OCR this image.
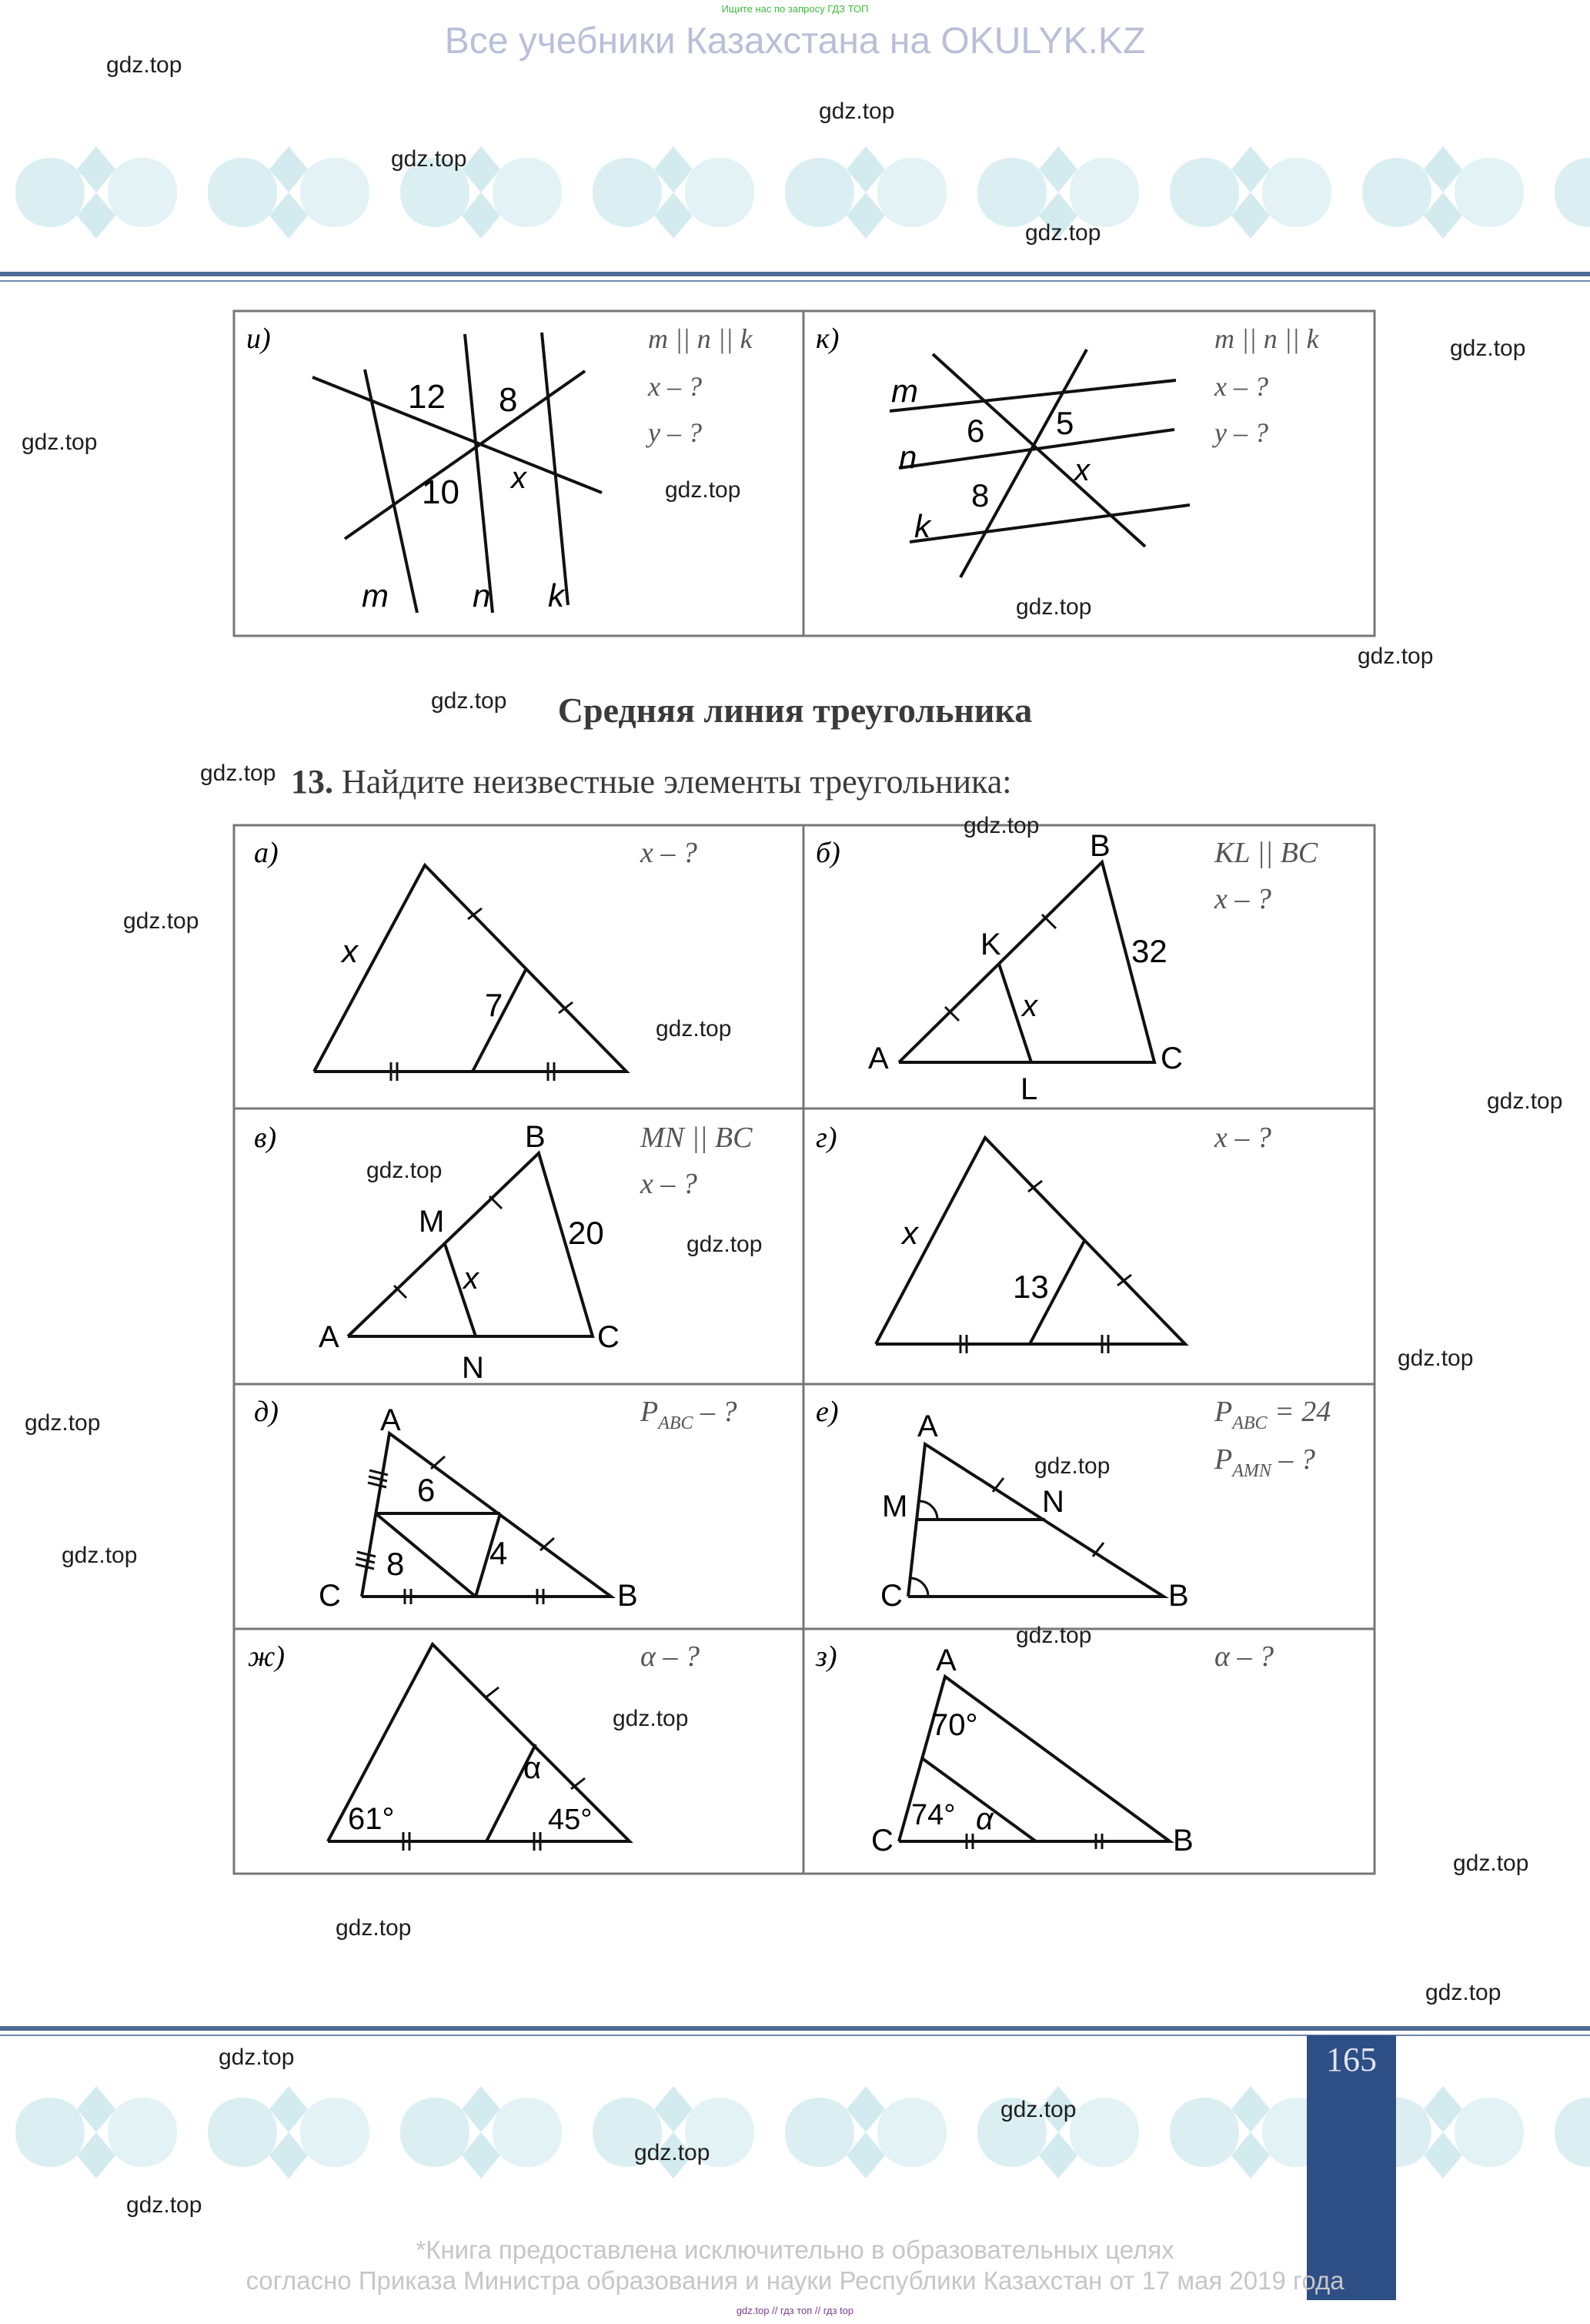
Ищите нас по запросу ГДЗ ТОП
Все учебники Казахстана на OKULYK.KZ
и)	m || n || k
x – ?
y – ?
12 8
10 x
m	n k
к)	m || n || k
x – ?
y – ?
m
n
k
6 5
8
x
Средняя линия треугольника
13. Найдите неизвестные элементы треугольника:
а)	x – ?
x
7
б)	KL || BC
x – ?
B
K	32
x
A	C
L
в)	MN || BC
x – ?
B
M	20
x
A	C
N
г)	x – ?
x
13
д)	$P_{ABC}$ – ?
A
6
8	4
C	B
е)	$P_{ABC} = 24$
$P_{AMN}$ – ?
A
M	N
C	B
ж)	α – ?
61°	45°
α
з)	α – ?
A
70°
74° α
C	B
165
*Книга предоставлена исключительно в образовательных целях
согласно Приказа Министра образования и науки Республики Казахстан от 17 мая 2019 года
gdz.top // гдз топ // гдз top
gdz.top
gdz.top
gdz.top
gdz.top
gdz.top
gdz.top
gdz.top
gdz.top
gdz.top
gdz.top
gdz.top
gdz.top
gdz.top
gdz.top
gdz.top
gdz.top
gdz.top
gdz.top
gdz.top
gdz.top
gdz.top
gdz.top
gdz.top
gdz.top
gdz.top
gdz.top
gdz.top
gdz.top
gdz.top
gdz.top
